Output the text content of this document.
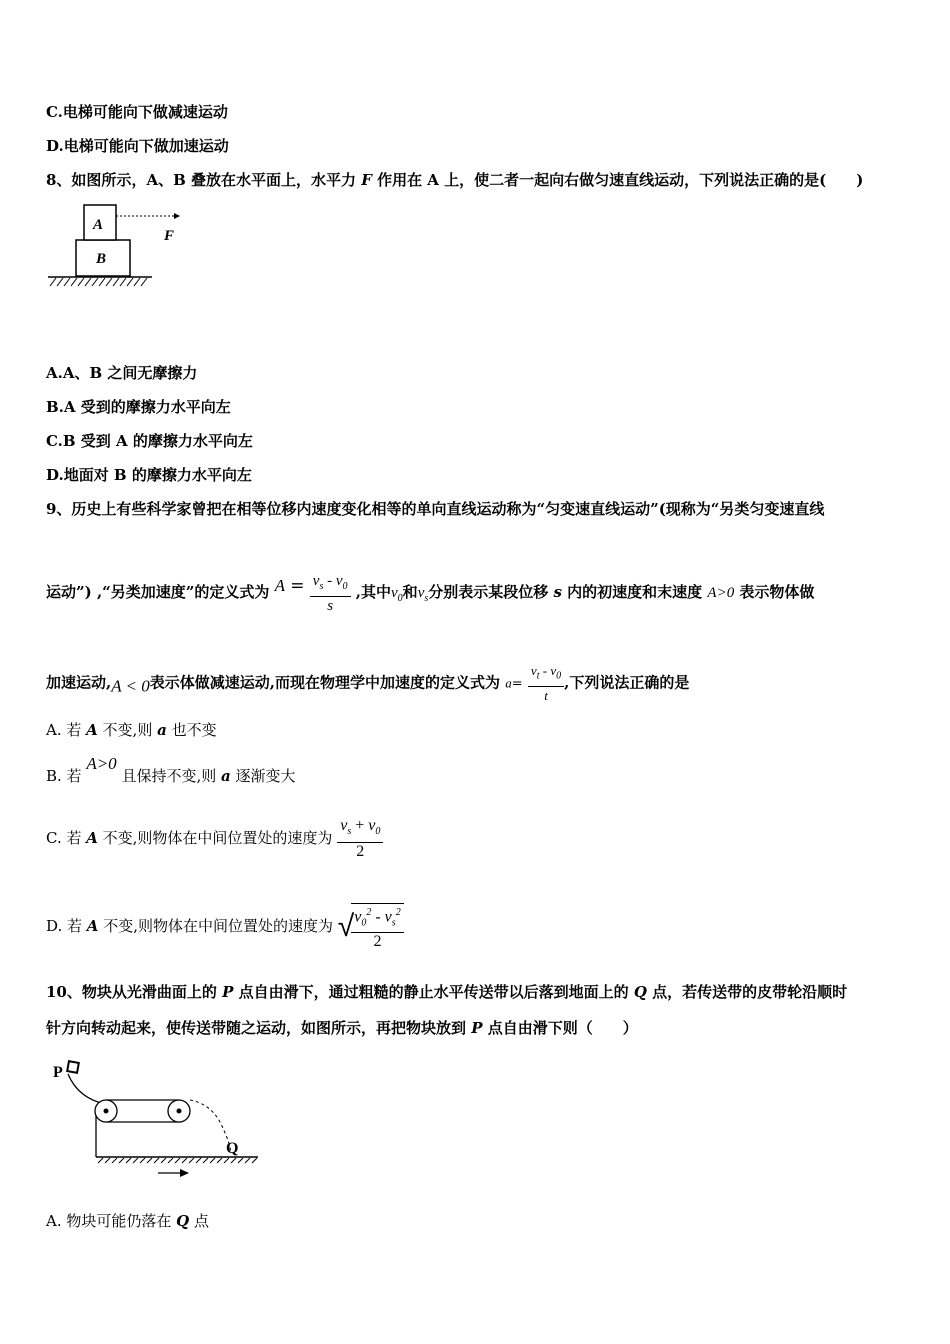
C.电梯可能向下做减速运动
D.电梯可能向下做加速运动
8、如图所示，A、B 叠放在水平面上，水平力 F 作用在 A 上，使二者一起向右做匀速直线运动，下列说法正确的是(　　)
A
B
F
A.A、B 之间无摩擦力
B.A 受到的摩擦力水平向左
C.B 受到 A 的摩擦力水平向左
D.地面对 B 的摩擦力水平向左
9、历史上有些科学家曾把在相等位移内速度变化相等的单向直线运动称为“匀变速直线运动”(现称为“另类匀变速直线
运动”) ,“另类加速度”的定义式为 $A = \frac{v_s - v_0}{s}$ ,其中$v_0$和$v_s$分别表示某段位移 s 内的初速度和末速度 A>0 表示物体做
加速运动,A < 0表示体做减速运动,而现在物理学中加速度的定义式为 $a= \frac{v_t - v_0}{t}$ ,下列说法正确的是
A. 若 A 不变,则 a 也不变
B. 若 A>0 且保持不变,则 a 逐渐变大
C. 若 A 不变,则物体在中间位置处的速度为 $\frac{v_s + v_0}{2}$
D. 若 A 不变,则物体在中间位置处的速度为 √
$\frac{v_0^2 - v_s^2}{2}$
10、物块从光滑曲面上的 P 点自由滑下，通过粗糙的静止水平传送带以后落到地面上的 Q 点，若传送带的皮带轮沿顺时
针方向转动起来，使传送带随之运动，如图所示，再把物块放到 P 点自由滑下则（　　）
P
Q
A. 物块可能仍落在 Q 点
